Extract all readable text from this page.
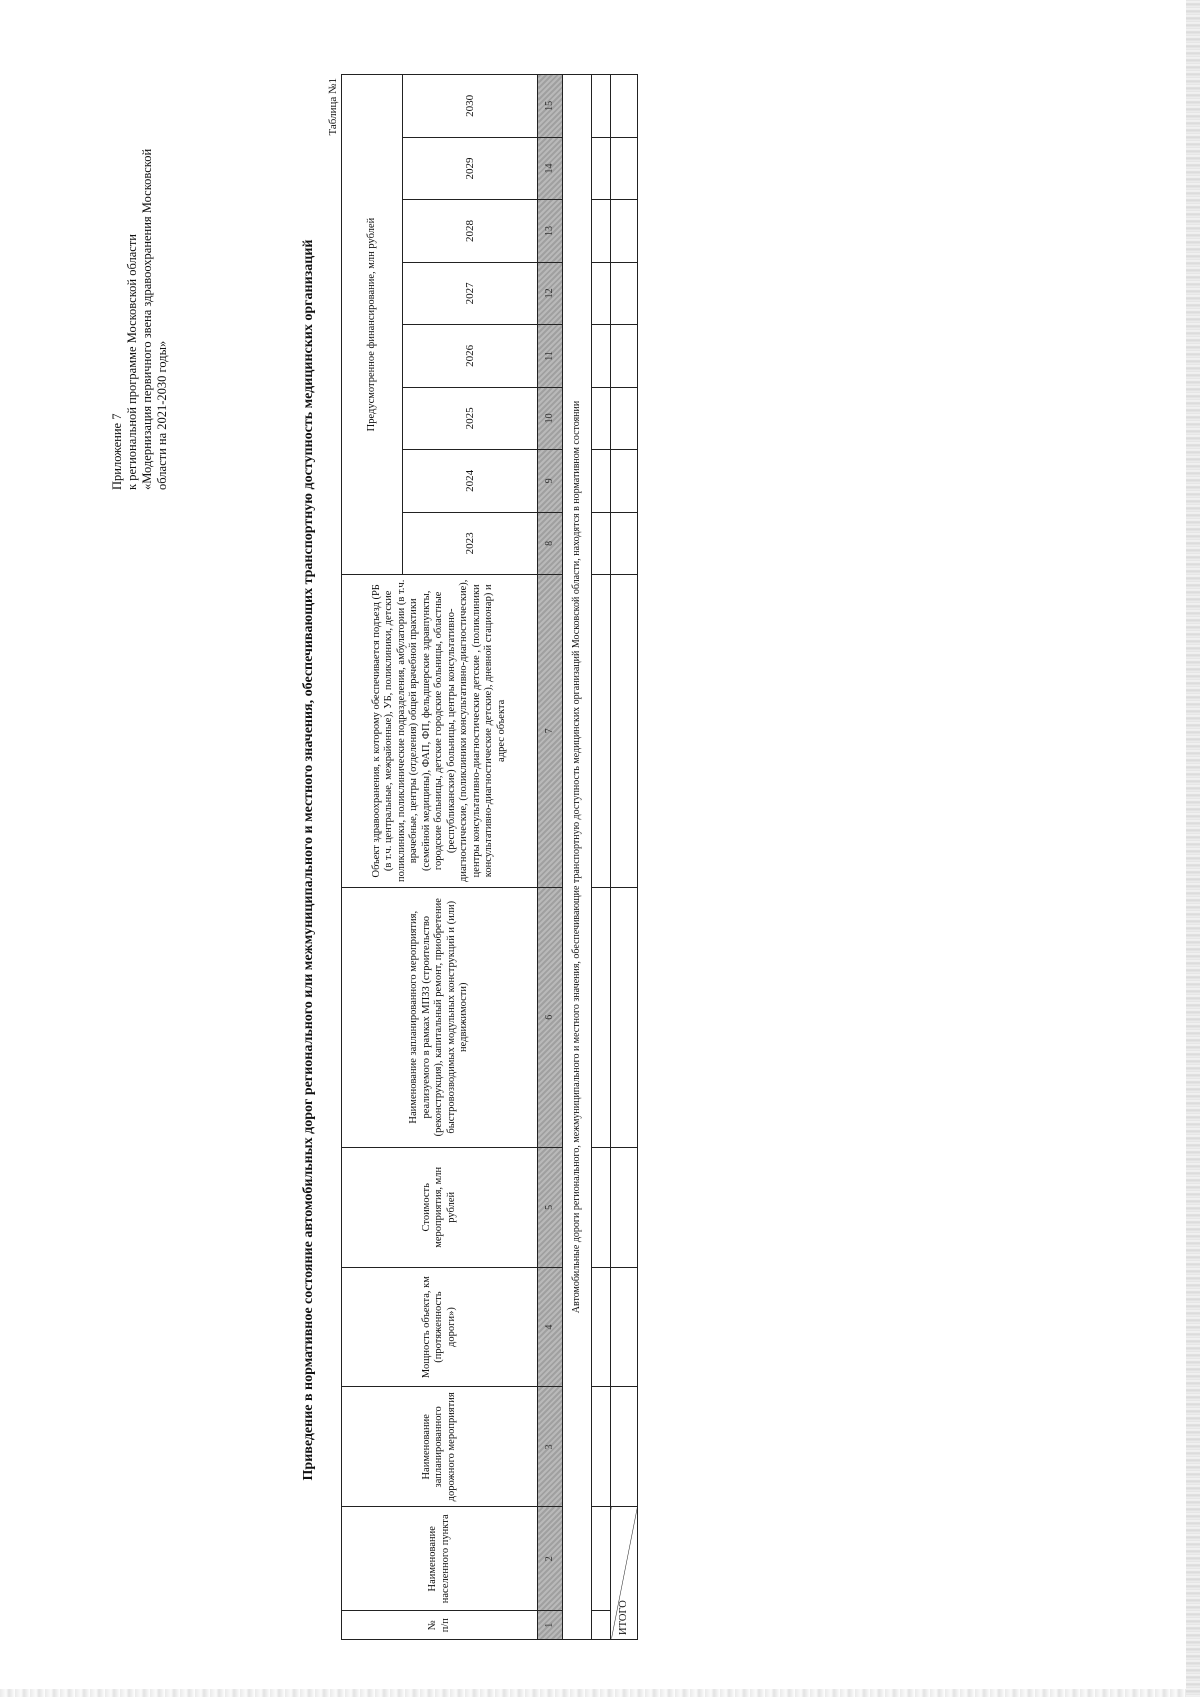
Приложение 7 к региональной программе Московской области «Модернизация первичного звена здравоохранения Московской области на 2021-2030 годы»	Приведение в нормативное состояние автомобильных дорог регионального или межмуниципального и местного значения, обеспечивающих транспортную доступность медицинских организаций
Таблица №1
№ п/п	Наименование населенного пункта	Наименование запланированного дорожного мероприятия	Мощность объекта, км (протяженность дороги»)	Стоимость мероприятия, млн рублей	Наименование запланированного мероприятия, реализуемого в рамках МПЗЗ (строительство (реконструкция), капитальный ремонт, приобретение быстровозводимых модульных конструкций и (или) недвижимости)	Объект здравоохранения, к которому обеспечивается подъезд (РБ (в т.ч. центральные, межрайонные), УБ, поликлиники, детские поликлиники, поликлинические подразделения, амбулатории (в т.ч. врачебные, центры (отделения) общей врачебной практики (семейной медицины), ФАП, ФП, фельдшерские здравпункты, городские больницы, детские городские больницы, областные (республиканские) больницы, центры консультативно-диагностические, (поликлиники консультативно-диагностические), центры консультативно-диагностические детские , (поликлиники консультативно-диагностические детские), дневной стационар) и адрес объекта	Предусмотренное финансирование, млн рублей							
							2023	2024	2025	2026	2027	2028	2029	2030
1	2	3	4	5	6	7	8	9	10	11	12	13	14	15
Автомобильные дороги регионального, межмуниципального и местного значения, обеспечивающие транспортную доступность медицинских организаций Московской области, находятся в нормативном состоянии														

ИТОГО														
